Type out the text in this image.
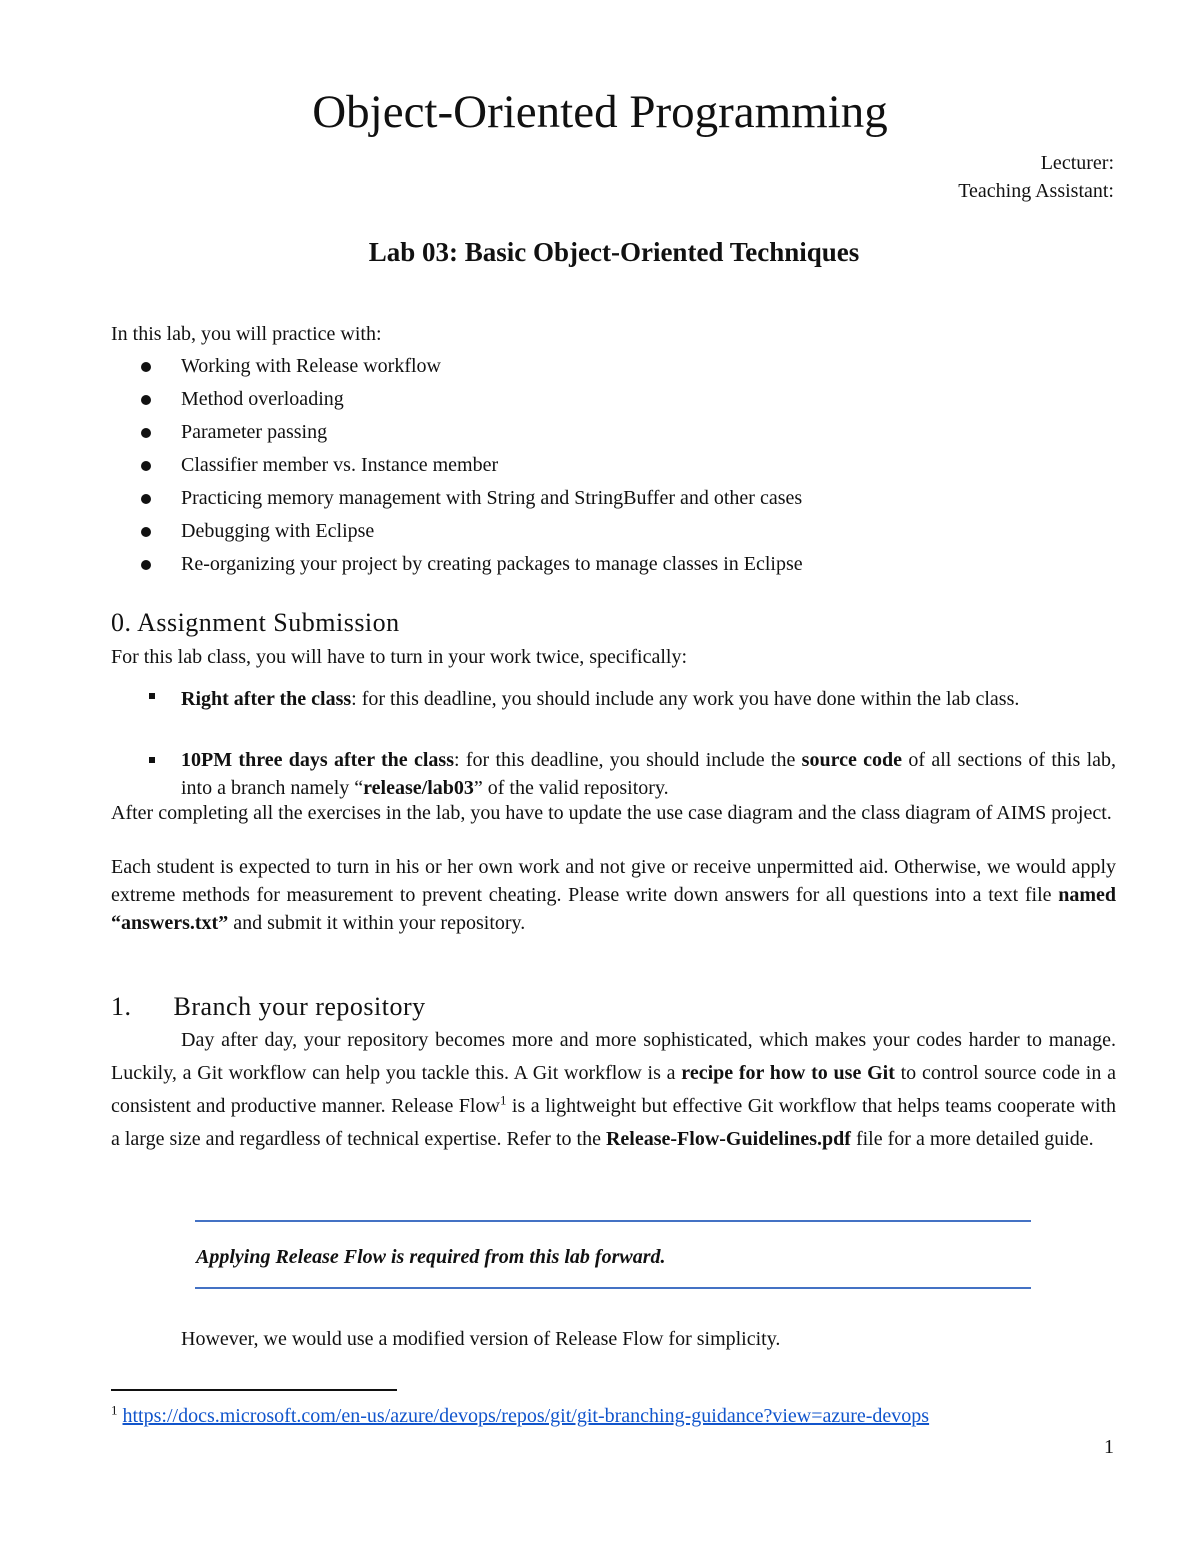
Object-Oriented Programming
Lecturer:
Teaching Assistant:
Lab 03: Basic Object-Oriented Techniques
In this lab, you will practice with:
Working with Release workflow
Method overloading
Parameter passing
Classifier member vs. Instance member
Practicing memory management with String and StringBuffer and other cases
Debugging with Eclipse
Re-organizing your project by creating packages to manage classes in Eclipse
0. Assignment Submission
For this lab class, you will have to turn in your work twice, specifically:
Right after the class: for this deadline, you should include any work you have done within the lab class.
10PM three days after the class: for this deadline, you should include the source code of all sections of this lab, into a branch namely “release/lab03” of the valid repository.
After completing all the exercises in the lab, you have to update the use case diagram and the class diagram of AIMS project.
Each student is expected to turn in his or her own work and not give or receive unpermitted aid. Otherwise, we would apply extreme methods for measurement to prevent cheating. Please write down answers for all questions into a text file named “answers.txt” and submit it within your repository.
1. Branch your repository
Day after day, your repository becomes more and more sophisticated, which makes your codes harder to manage. Luckily, a Git workflow can help you tackle this. A Git workflow is a recipe for how to use Git to control source code in a consistent and productive manner. Release Flow$^1$ is a lightweight but effective Git workflow that helps teams cooperate with a large size and regardless of technical expertise. Refer to the Release-Flow-Guidelines.pdf file for a more detailed guide.
Applying Release Flow is required from this lab forward.
However, we would use a modified version of Release Flow for simplicity.
$^1$ https://docs.microsoft.com/en-us/azure/devops/repos/git/git-branching-guidance?view=azure-devops
1
